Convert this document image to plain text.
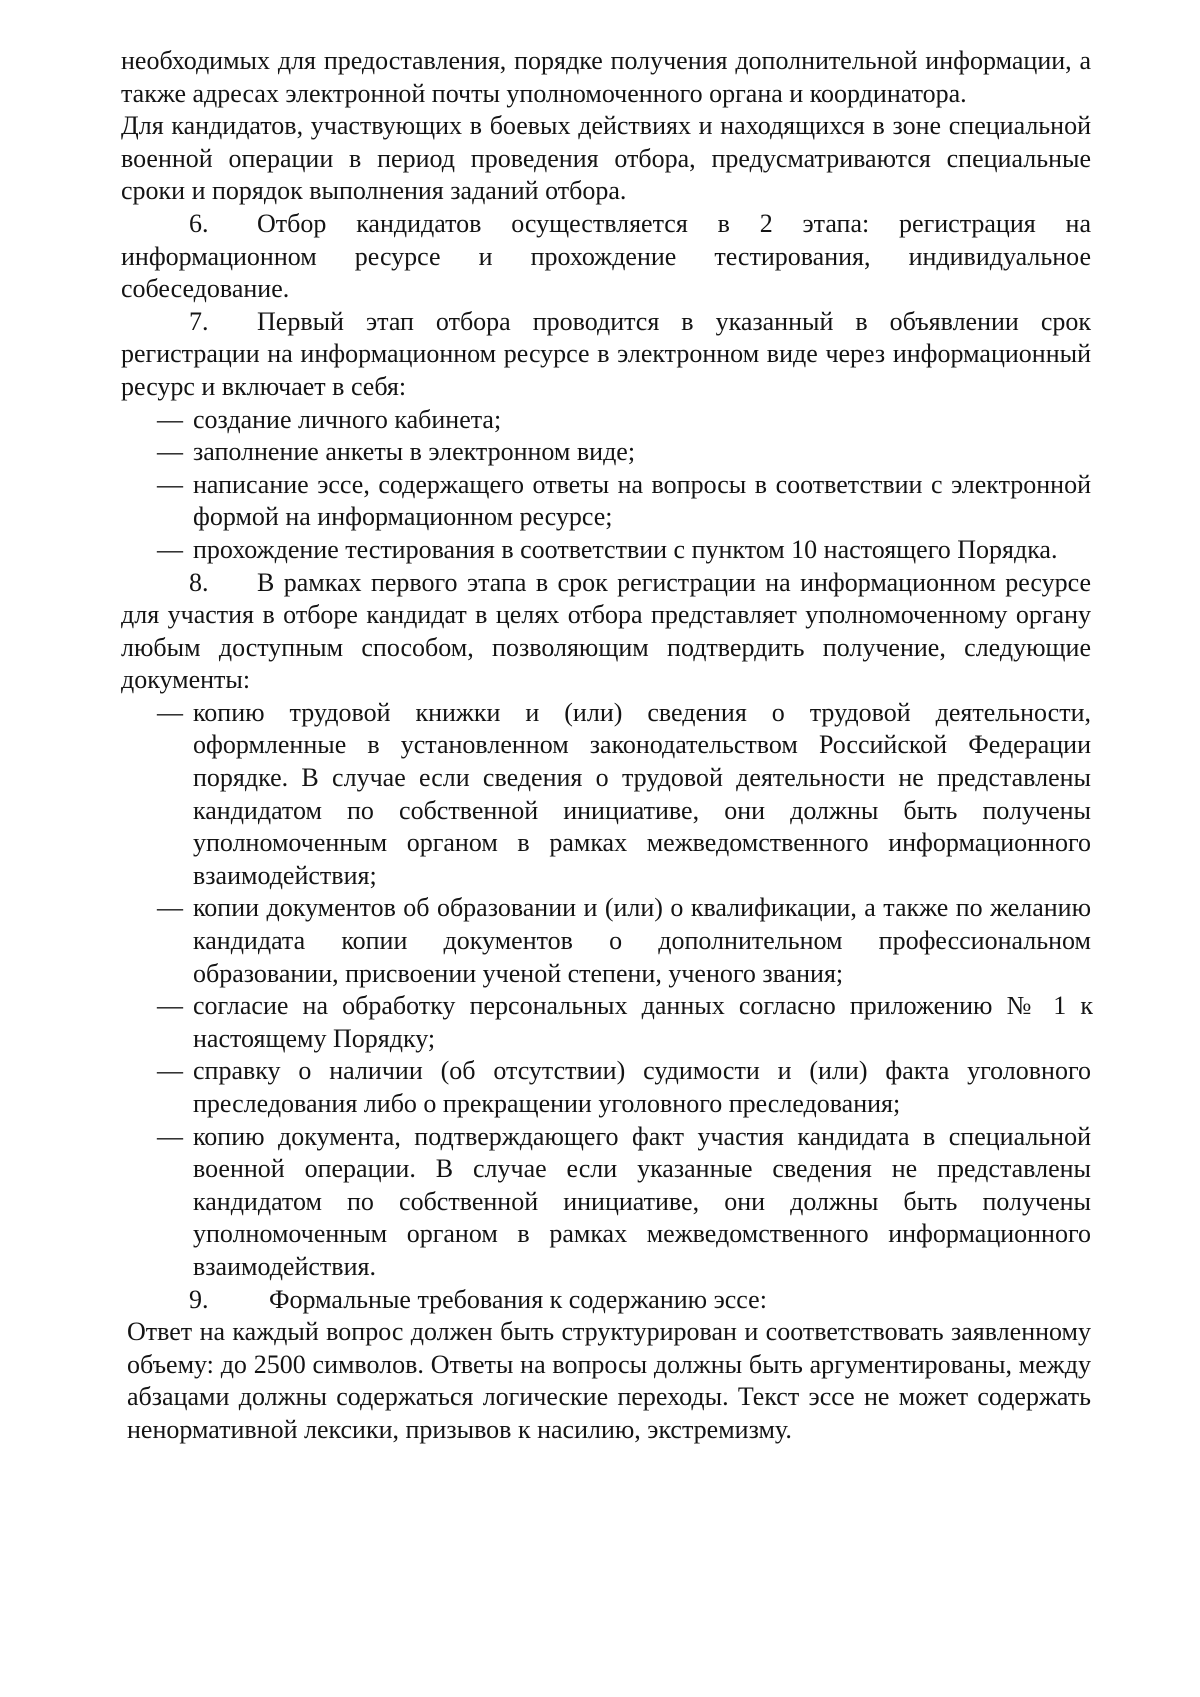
необходимых для предоставления, порядке получения дополнительной информации, а также адресах электронной почты уполномоченного органа и координатора.

Для кандидатов, участвующих в боевых действиях и находящихся в зоне специальной военной операции в период проведения отбора, предусматриваются специальные сроки и порядок выполнения заданий отбора.

6. Отбор кандидатов осуществляется в 2 этапа: регистрация на информационном ресурсе и прохождение тестирования, индивидуальное собеседование.

7. Первый этап отбора проводится в указанный в объявлении срок регистрации на информационном ресурсе в электронном виде через информационный ресурс и включает в себя:

— создание личного кабинета;
— заполнение анкеты в электронном виде;
— написание эссе, содержащего ответы на вопросы в соответствии с электронной формой на информационном ресурсе;
— прохождение тестирования в соответствии с пунктом 10 настоящего Порядка.

8. В рамках первого этапа в срок регистрации на информационном ресурсе для участия в отборе кандидат в целях отбора представляет уполномоченному органу любым доступным способом, позволяющим подтвердить получение, следующие документы:

— копию трудовой книжки и (или) сведения о трудовой деятельности, оформленные в установленном законодательством Российской Федерации порядке. В случае если сведения о трудовой деятельности не представлены кандидатом по собственной инициативе, они должны быть получены уполномоченным органом в рамках межведомственного информационного взаимодействия;
— копии документов об образовании и (или) о квалификации, а также по желанию кандидата копии документов о дополнительном профессиональном образовании, присвоении ученой степени, ученого звания;
— согласие на обработку персональных данных согласно приложению № 1 к настоящему Порядку;
— справку о наличии (об отсутствии) судимости и (или) факта уголовного преследования либо о прекращении уголовного преследования;
— копию документа, подтверждающего факт участия кандидата в специальной военной операции. В случае если указанные сведения не представлены кандидатом по собственной инициативе, они должны быть получены уполномоченным органом в рамках межведомственного информационного взаимодействия.

9. Формальные требования к содержанию эссе:

Ответ на каждый вопрос должен быть структурирован и соответствовать заявленному объему: до 2500 символов. Ответы на вопросы должны быть аргументированы, между абзацами должны содержаться логические переходы. Текст эссе не может содержать ненормативной лексики, призывов к насилию, экстремизму.
